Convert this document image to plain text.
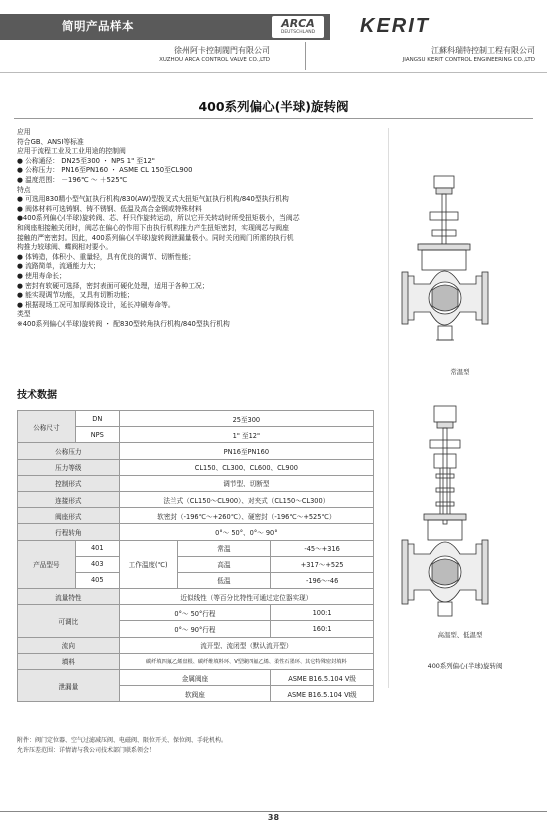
简明产品样本	ARCA
DEUTSCHLAND	KERIT
徐州阿卡控制閥門有限公司
XUZHOU ARCA CONTROL VALVE CO.,LTD
江蘇科瑞特控制工程有限公司
JIANGSU KERIT CONTROL ENGINEERING CO.,LTD
400系列偏心(半球)旋转阀
应用
符合GB、ANSI等标准
应用于流程工业及工业用途的控制阀
● 公称通径： DN25至300 ・ NPS 1" 至12"
● 公称压力： PN16至PN160 ・ ASME CL 150至CL900
● 温度范围： －196℃ ～ ＋525℃
特点
● 可选用830精小型气缸执行机构/830(AW)型拨叉式大扭矩气缸执行机构/840型执行机构
● 阀体材料可选铸钢、铸不锈钢、低温及高合金钢或特殊材料
●400系列偏心(半球)旋转阀、芯、杆只作旋转运动，所以它开关转动时所受扭矩极小，当阀芯
和阀座相接触关闭时，阀芯在偏心的作用下由执行机构推力产生扭矩密封，实现阀芯与阀座
接触的严密密封。因此，400系列偏心(半球)旋转阀泄漏量极小。同时关闭阀门所需的执行机
构推力较球阀、蝶阀相对要小。
● 体铸造，体积小、重量轻，具有优良的调节、切断性能；
● 流路简单，流通能力大；
● 使用寿命长；
● 密封有软硬可选择，密封表面可硬化处理，适用于各种工况；
● 能实现调节功能，又具有切断功能；
● 根据现场工况可加厚阀体设计，延长冲刷寿命等。
类型
※400系列偏心(半球)旋转阀 ・ 配830型转角执行机构/840型执行机构
技术数据
公称尺寸	DN	25至300		
	NPS	1" 至12"		
公称压力		PN16至PN160		
压力等级		CL150、CL300、CL600、CL900		
控制形式		调节型、切断型		
连接形式		法兰式（CL150～CL900）、对夹式（CL150～CL300）		
阀座形式		软密封（-196℃～+260℃）、硬密封（-196℃～+525℃）		
行程转角		0°～ 50°、0°～ 90°		
产品型号	401	工作温度(℃)	常温	-45～+316
	403		高温	+317～+525
	405		低温	-196～-46
流量特性		近似线性（等百分比特性可通过定位器实现）		
可调比		0°～ 50°行程		100:1
		0°～ 90°行程		160:1
流向		流开型、流闭型（默认流开型）		
填料		碳纤填四氟乙烯盘根、碳纤维填料环、V型聚四氟乙烯、柔性石墨环、其它特殊密封填料		
泄漏量		金属阀座		ASME B16.5.104 Ⅴ级
		软阀座		ASME B16.5.104 Ⅵ级
附件：阀门定位器、空气过滤减压阀、电磁阀、限位开关、保位阀、手轮机构。
允许压差范围：详情请与我公司技术部门联系领会！
常温型
高温型、低温型
400系列偏心(半球)旋转阀
38
